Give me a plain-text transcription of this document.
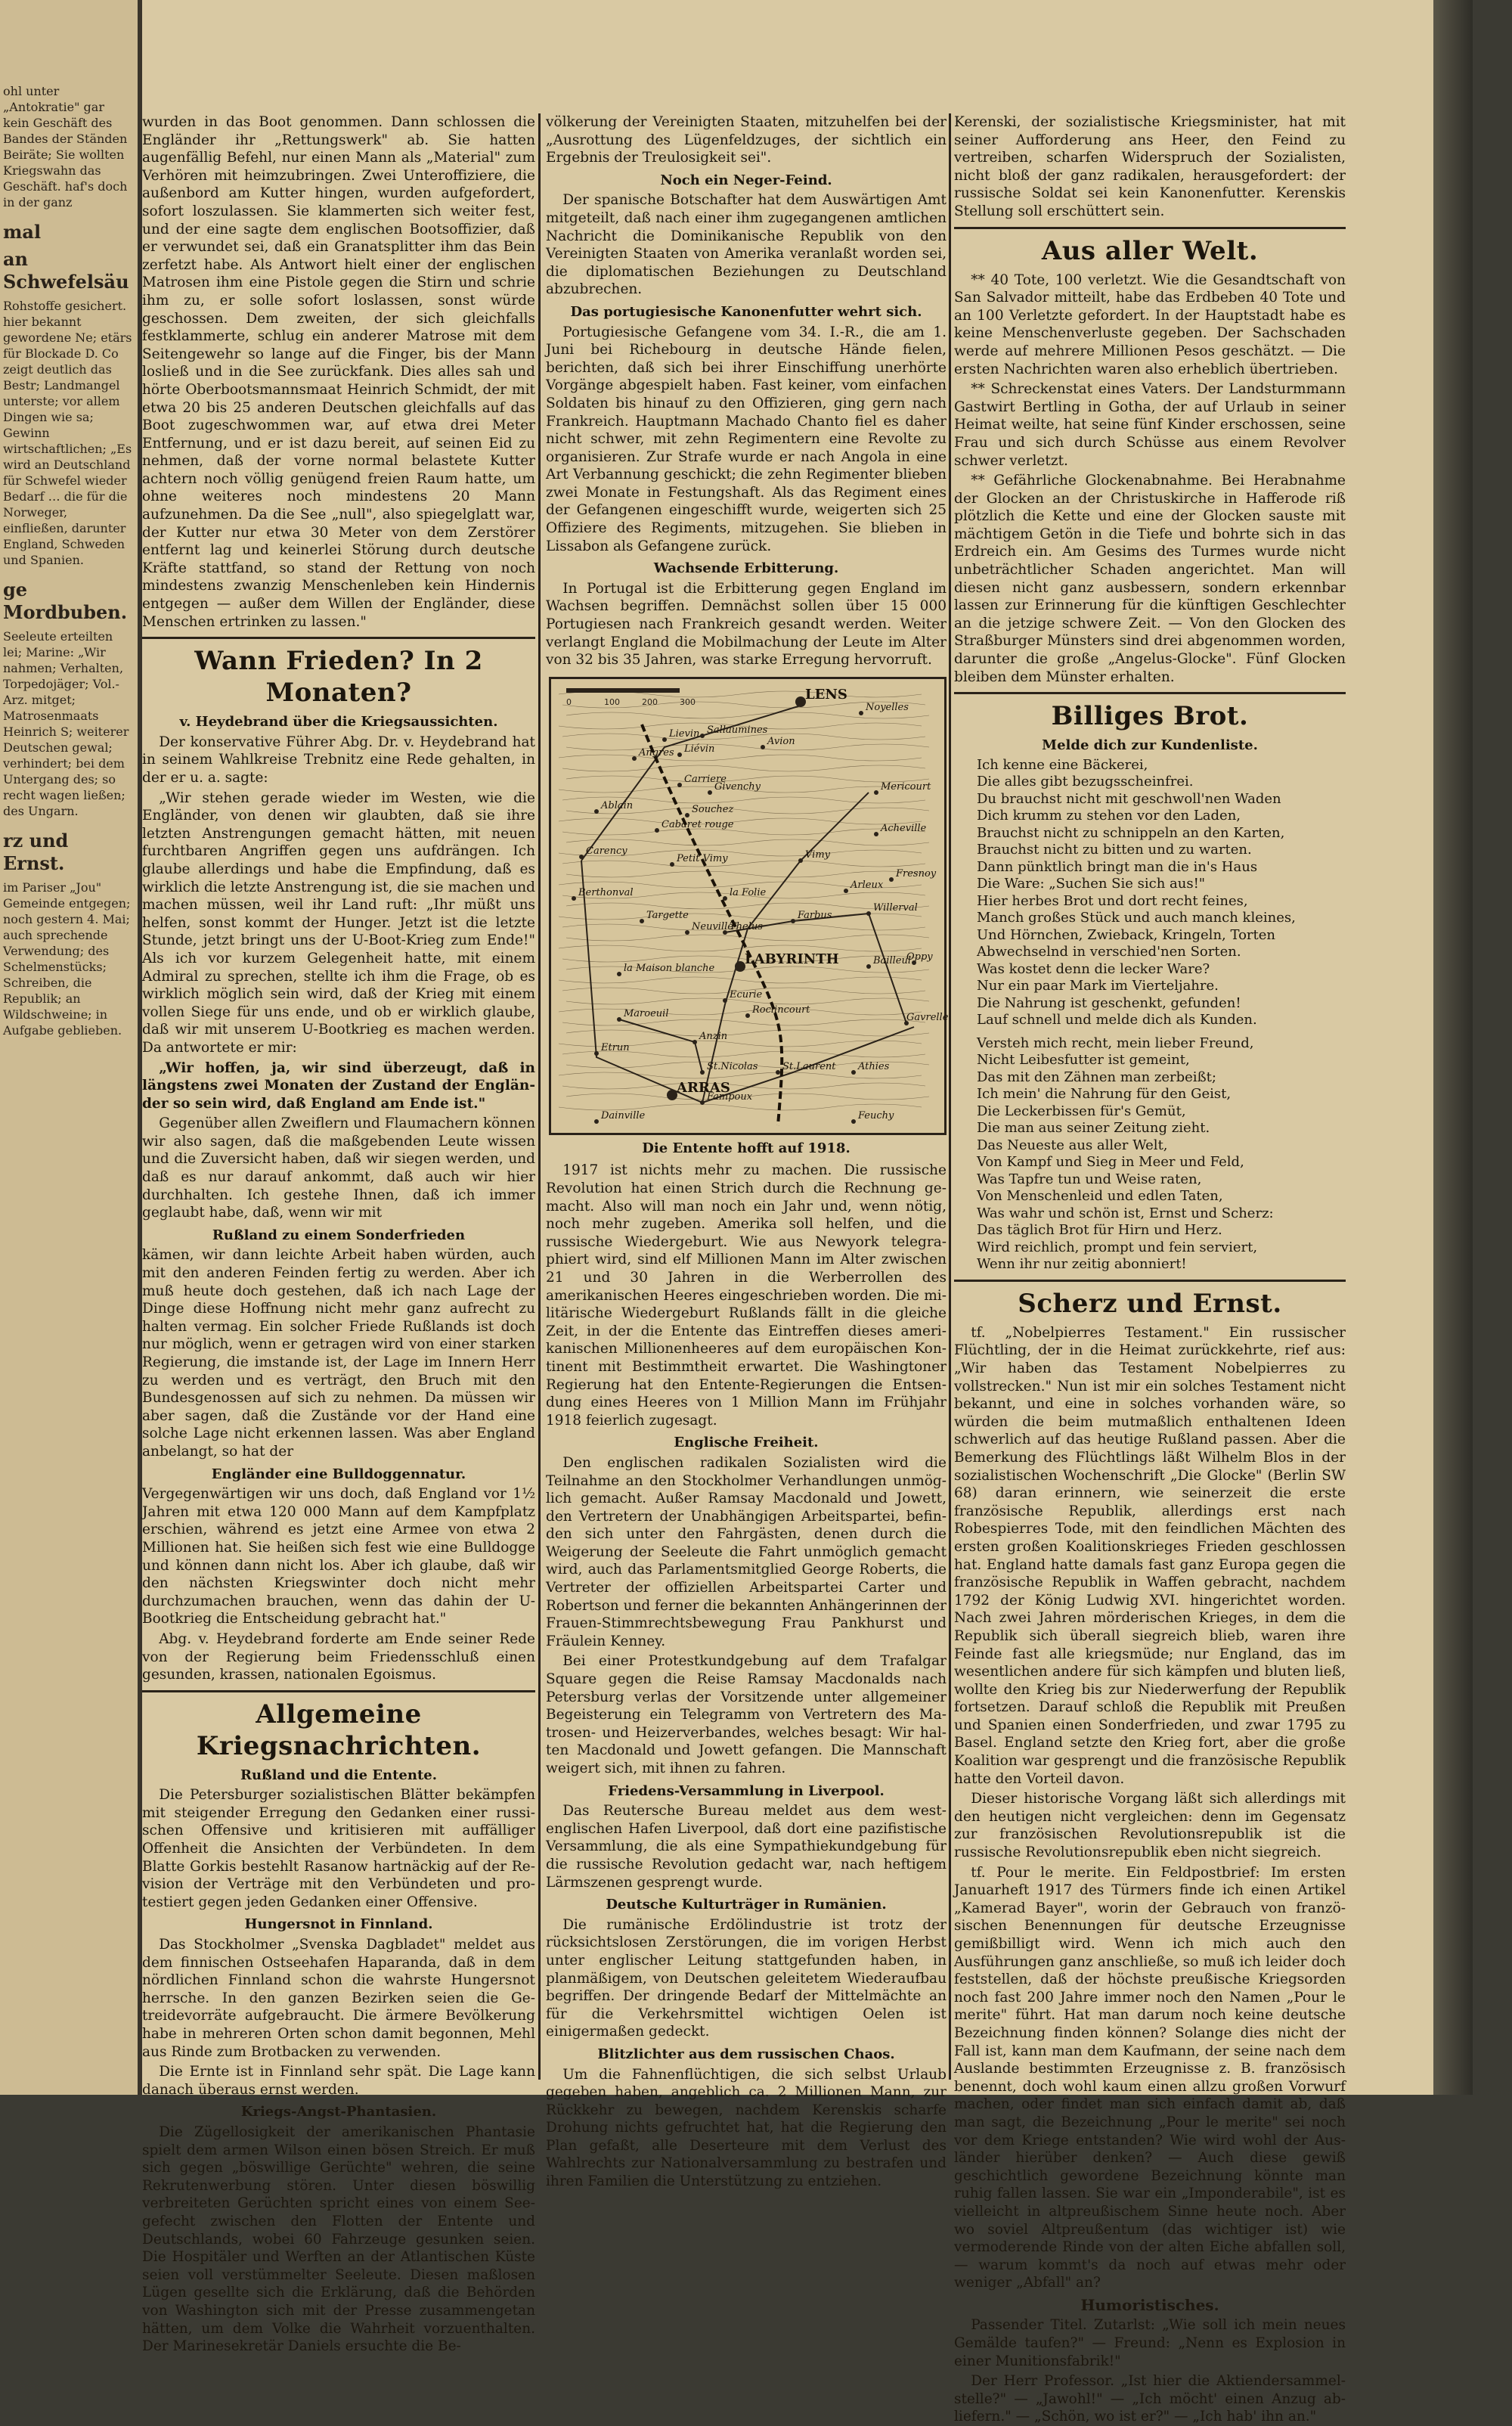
ohl unter „Antokratie" gar kein Geschäft des Bandes der Ständen Beiräte; Sie wollten Kriegswahn das Geschäft. haf's doch in der ganz

mal
an Schwefelsäu

Rohstoffe gesichert. hier bekannt gewordene Ne; etärs für Blockade D. Co zeigt deutlich das Bestr; Landmangel unterste; vor allem Dingen wie sa; Gewinn wirtschaftlichen; „Es wird an Deutschland für Schwefel wieder Bedarf … die für die Norweger, einfließen, darunter England, Schweden und Spanien.

ge Mordbuben.

Seeleute erteilten lei; Marine: „Wir nahmen; Verhalten, Torpedojäger; Vol.-Arz. mitget; Matrosenmaats Heinrich S; weiterer Deutschen gewal; verhindert; bei dem Untergang des; so recht wagen ließen; des Ungarn.

rz und Ernst.

im Pariser „Jou" Gemeinde entgegen; noch gestern 4. Mai; auch sprechende Verwendung; des Schelmenstücks; Schreiben, die Republik; an Wildschweine; in Aufgabe geblieben.

wurden in das Boot genommen. Dann schlossen die Engländer ihr „Rettungswerk" ab. Sie hatten augenfällig Befehl, nur einen Mann als „Material" zum Verhören mit heimzubringen. Zwei Unteroffiziere, die außenbord am Kutter hingen, wurden aufgefordert, sofort loszulassen. Sie klammerten sich weiter fest, und der eine sagte dem englischen Bootsoffizier, daß er verwundet sei, daß ein Granatsplitter ihm das Bein zerfetzt habe. Als Antwort hielt einer der englischen Matrosen ihm eine Pistole gegen die Stirn und schrie ihm zu, er solle sofort loslassen, sonst würde geschossen. Dem zweiten, der sich gleichfalls festklammerte, schlug ein anderer Matrose mit dem Seitengewehr so lange auf die Finger, bis der Mann losließ und in die See zurückfank. Dies alles sah und hörte Oberbootsmannsmaat Heinrich Schmidt, der mit etwa 20 bis 25 anderen Deutschen gleichfalls auf das Boot zugeschwommen war, auf etwa drei Meter Entfernung, und er ist dazu bereit, auf seinen Eid zu nehmen, daß der vorne normal belastete Kutter achtern noch völlig genügend freien Raum hatte, um ohne weiteres noch mindestens 20 Mann aufzunehmen. Da die See „null", also spiegelglatt war, der Kutter nur etwa 30 Meter von dem Zerstörer entfernt lag und keinerlei Störung durch deutsche Kräfte stattfand, so stand der Rettung von noch mindestens zwanzig Menschenleben kein Hindernis entgegen — außer dem Willen der Engländer, diese Menschen ertrinken zu lassen."

Wann Frieden? In 2 Monaten?
v. Heydebrand über die Kriegsaussichten.

Der konservative Führer Abg. Dr. v. Heydebrand hat in seinem Wahlkreise Trebnitz eine Rede gehalten, in der er u. a. sagte:

„Wir stehen gerade wieder im Westen, wie die Engländer, von denen wir glaubten, daß sie ihre letzten Anstrengungen gemacht hätten, mit neuen furchtbaren Angriffen gegen uns aufdrängen. Ich glaube allerdings und habe die Empfindung, daß es wirklich die letzte Anstrengung ist, die sie machen und machen müssen, weil ihr Land ruft: „Ihr müßt uns helfen, sonst kommt der Hunger. Jetzt ist die letzte Stunde, jetzt bringt uns der U-Boot-Krieg zum Ende!" Als ich vor kurzem Gelegenheit hatte, mit einem Admiral zu sprechen, stellte ich ihm die Frage, ob es wirklich möglich sein wird, daß der Krieg mit einem vollen Siege für uns ende, und ob er wirklich glaube, daß wir mit unserem U-Bootkrieg es machen werden. Da antwortete er mir:

„Wir hoffen, ja, wir sind überzeugt, daß in längstens zwei Monaten der Zustand der Engländer so sein wird, daß England am Ende ist."

Gegenüber allen Zweiflern und Flaumachern können wir also sagen, daß die maßgebenden Leute wissen und die Zuversicht haben, daß wir siegen werden, und daß es nur darauf ankommt, daß auch wir hier durchhalten. Ich gestehe Ihnen, daß ich immer geglaubt habe, daß, wenn wir mit

Rußland zu einem Sonderfrieden

kämen, wir dann leichte Arbeit haben würden, auch mit den anderen Feinden fertig zu werden. Aber ich muß heute doch gestehen, daß ich nach Lage der Dinge diese Hoffnung nicht mehr ganz aufrecht zu halten vermag. Ein solcher Friede Rußlands ist doch nur möglich, wenn er getragen wird von einer starken Regierung, die imstande ist, der Lage im Innern Herr zu werden und es verträgt, den Bruch mit den Bundesgenossen auf sich zu nehmen. Da müssen wir aber sagen, daß die Zustände vor der Hand eine solche Lage nicht erkennen lassen. Was aber England anbelangt, so hat der

Engländer eine Bulldoggennatur.

Vergegenwärtigen wir uns doch, daß England vor 1½ Jahren mit etwa 120 000 Mann auf dem Kampfplatz erschien, während es jetzt eine Armee von etwa 2 Millionen hat. Sie heißen sich fest wie eine Bulldogge und können dann nicht los. Aber ich glaube, daß wir den nächsten Kriegswinter doch nicht mehr durchzumachen brauchen, wenn das dahin der U-Bootkrieg die Entscheidung gebracht hat."

Abg. v. Heydebrand forderte am Ende seiner Rede von der Regierung beim Friedensschluß einen gesunden, krassen, nationalen Egoismus.

Allgemeine Kriegsnachrichten.
Rußland und die Entente.

Die Petersburger sozialistischen Blätter bekämpfen mit steigender Erregung den Gedanken einer russischen Offensive und kritisieren mit auffälliger Offenheit die Ansichten der Verbündeten. In dem Blatte Gorkis bestehlt Rasanow hartnäckig auf der Revision der Verträge mit den Verbündeten und protestiert gegen jeden Gedanken einer Offensive.

Hungersnot in Finnland.

Das Stockholmer „Svenska Dagbladet" meldet aus dem finnischen Ostseehafen Haparanda, daß in dem nördlichen Finnland schon die wahrste Hungersnot herrsche. In den ganzen Bezirken seien die Getreidevorräte aufgebraucht. Die ärmere Bevölkerung habe in mehreren Orten schon damit begonnen, Mehl aus Rinde zum Brotbacken zu verwenden.

Die Ernte ist in Finnland sehr spät. Die Lage kann danach überaus ernst werden.

Kriegs-Angst-Phantasien.

Die Zügellosigkeit der amerikanischen Phantasie spielt dem armen Wilson einen bösen Streich. Er muß sich gegen „böswillige Gerüchte" wehren, die seine Rekrutenwerbung stören. Unter diesen böswillig verbreiteten Gerüchten spricht eines von einem Seegefecht zwischen den Flotten der Entente und Deutschlands, wobei 60 Fahrzeuge gesunken seien. Die Hospitäler und Werften an der Atlantischen Küste seien voll verstümmelter Seeleute. Diesen maßlosen Lügen gesellte sich die Erklärung, daß die Behörden von Washington sich mit der Presse zusammengetan hätten, um dem Volke die Wahrheit vorzuenthalten. Der Marinesekretär Daniels ersuchte die Be-

völkerung der Vereinigten Staaten, mitzuhelfen bei der „Ausrottung des Lügenfeldzuges, der sichtlich ein Ergebnis der Treulosigkeit sei".

Noch ein Neger-Feind.

Der spanische Botschafter hat dem Auswärtigen Amt mitgeteilt, daß nach einer ihm zugegangenen amtlichen Nachricht die Dominikanische Republik von den Vereinigten Staaten von Amerika veranlaßt worden sei, die diplomatischen Beziehungen zu Deutschland abzubrechen.

Das portugiesische Kanonenfutter wehrt sich.

Portugiesische Gefangene vom 34. I.-R., die am 1. Juni bei Richebourg in deutsche Hände fielen, berichten, daß sich bei ihrer Einschiffung unerhörte Vorgänge abgespielt haben. Fast keiner, vom einfachen Soldaten bis hinauf zu den Offizieren, ging gern nach Frankreich. Hauptmann Machado Chanto fiel es daher nicht schwer, mit zehn Regimentern eine Revolte zu organisieren. Zur Strafe wurde er nach Angola in eine Art Verbannung geschickt; die zehn Regimenter blieben zwei Monate in Festungshaft. Als das Regiment eines der Gefangenen eingeschifft wurde, weigerten sich 25 Offiziere des Regiments, mitzugehen. Sie blieben in Lissabon als Gefangene zurück.

Wachsende Erbitterung.

In Portugal ist die Erbitterung gegen England im Wachsen begriffen. Demnächst sollen über 15 000 Portugiesen nach Frankreich gesandt werden. Weiter verlangt England die Mobilmachung der Leute im Alter von 32 bis 35 Jahren, was starke Erregung hervorruft.

0	100	200	300	LENS
Lievin
Angres Liévin
Carriere
Givenchy
Souchez
Ablain
Carency	Vimy
Mericourt
Acheville
Fresnoy
Arleux
Willerval
Farbus
Thelus
Neuville
Oppy
LABYRINTH	Bailleul
Ecurie
Roclincourt
Gavrelle
Maroeuil
Anzin
Etrun
St.Nicolas	St.Laurent Athies
Fampoux
ARRAS
Dainville	Feuchy
Berthonval
Cabaret rouge
Petit Vimy
la Folie
la Maison blanche
Targette
Sallaumines
Noyelles
Avion
Die Entente hofft auf 1918.

1917 ist nichts mehr zu machen. Die russische Revolution hat einen Strich durch die Rechnung gemacht. Also will man noch ein Jahr und, wenn nötig, noch mehr zugeben. Amerika soll helfen, und die russische Wiedergeburt. Wie aus Newyork telegraphiert wird, sind elf Millionen Mann im Alter zwischen 21 und 30 Jahren in die Werberrollen des amerikanischen Heeres eingeschrieben worden. Die militärische Wiedergeburt Rußlands fällt in die gleiche Zeit, in der die Entente das Eintreffen dieses amerikanischen Millionenheeres auf dem europäischen Kontinent mit Bestimmtheit erwartet. Die Washingtoner Regierung hat den Entente-Regierungen die Entsendung eines Heeres von 1 Million Mann im Frühjahr 1918 feierlich zugesagt.

Englische Freiheit.

Den englischen radikalen Sozialisten wird die Teilnahme an den Stockholmer Verhandlungen unmöglich gemacht. Außer Ramsay Macdonald und Jowett, den Vertretern der Unabhängigen Arbeitspartei, befinden sich unter den Fahrgästen, denen durch die Weigerung der Seeleute die Fahrt unmöglich gemacht wird, auch das Parlamentsmitglied George Roberts, die Vertreter der offiziellen Arbeitspartei Carter und Robertson und ferner die bekannten Anhängerinnen der Frauen-Stimmrechtsbewegung Frau Pankhurst und Fräulein Kenney.

Bei einer Protestkundgebung auf dem Trafalgar Square gegen die Reise Ramsay Macdonalds nach Petersburg verlas der Vorsitzende unter allgemeiner Begeisterung ein Telegramm von Vertretern des Matrosen- und Heizerverbandes, welches besagt: Wir halten Macdonald und Jowett gefangen. Die Mannschaft weigert sich, mit ihnen zu fahren.

Friedens-Versammlung in Liverpool.

Das Reutersche Bureau meldet aus dem westenglischen Hafen Liverpool, daß dort eine pazifistische Versammlung, die als eine Sympathiekundgebung für die russische Revolution gedacht war, nach heftigem Lärmszenen gesprengt wurde.

Deutsche Kulturträger in Rumänien.

Die rumänische Erdölindustrie ist trotz der rücksichtslosen Zerstörungen, die im vorigen Herbst unter englischer Leitung stattgefunden haben, in planmäßigem, von Deutschen geleitetem Wiederaufbau begriffen. Der dringende Bedarf der Mittelmächte an für die Verkehrsmittel wichtigen Oelen ist einigermaßen gedeckt.

Blitzlichter aus dem russischen Chaos.

Um die Fahnenflüchtigen, die sich selbst Urlaub gegeben haben, angeblich ca. 2 Millionen Mann, zur Rückkehr zu bewegen, nachdem Kerenskis scharfe Drohung nichts gefruchtet hat, hat die Regierung den Plan gefaßt, alle Deserteure mit dem Verlust des Wahlrechts zur Nationalversammlung zu bestrafen und ihren Familien die Unterstützung zu entziehen.

Kerenski, der sozialistische Kriegsminister, hat mit seiner Aufforderung ans Heer, den Feind zu vertreiben, scharfen Widerspruch der Sozialisten, nicht bloß der ganz radikalen, herausgefordert: der russische Soldat sei kein Kanonenfutter. Kerenskis Stellung soll erschüttert sein.

Aus aller Welt.

** 40 Tote, 100 verletzt. Wie die Gesandtschaft von San Salvador mitteilt, habe das Erdbeben 40 Tote und an 100 Verletzte gefordert. In der Hauptstadt habe es keine Menschenverluste gegeben. Der Sachschaden werde auf mehrere Millionen Pesos geschätzt. — Die ersten Nachrichten waren also erheblich übertrieben.

** Schreckenstat eines Vaters. Der Landsturmmann Gastwirt Bertling in Gotha, der auf Urlaub in seiner Heimat weilte, hat seine fünf Kinder erschossen, seine Frau und sich durch Schüsse aus einem Revolver schwer verletzt.

** Gefährliche Glockenabnahme. Bei Herabnahme der Glocken an der Christuskirche in Hafferode riß plötzlich die Kette und eine der Glocken sauste mit mächtigem Getön in die Tiefe und bohrte sich in das Erdreich ein. Am Gesims des Turmes wurde nicht unbeträchtlicher Schaden angerichtet. Man will diesen nicht ganz ausbessern, sondern erkennbar lassen zur Erinnerung für die künftigen Geschlechter an die jetzige schwere Zeit. — Von den Glocken des Straßburger Münsters sind drei abgenommen worden, darunter die große „Angelus-Glocke". Fünf Glocken bleiben dem Münster erhalten.

Billiges Brot.
Melde dich zur Kundenliste.
Ich kenne eine Bäckerei,
Die alles gibt bezugsscheinfrei.
Du brauchst nicht mit geschwoll'nen Waden
Dich krumm zu stehen vor den Laden,
Brauchst nicht zu schnippeln an den Karten,
Brauchst nicht zu bitten und zu warten.
Dann pünktlich bringt man die in's Haus
Die Ware: „Suchen Sie sich aus!"
Hier herbes Brot und dort recht feines,
Manch großes Stück und auch manch kleines,
Und Hörnchen, Zwieback, Kringeln, Torten
Abwechselnd in verschied'nen Sorten.
Was kostet denn die lecker Ware?
Nur ein paar Mark im Vierteljahre.
Die Nahrung ist geschenkt, gefunden!
Lauf schnell und melde dich als Kunden.
Versteh mich recht, mein lieber Freund,
Nicht Leibesfutter ist gemeint,
Das mit den Zähnen man zerbeißt;
Ich mein' die Nahrung für den Geist,
Die Leckerbissen für's Gemüt,
Die man aus seiner Zeitung zieht.
Das Neueste aus aller Welt,
Von Kampf und Sieg in Meer und Feld,
Was Tapfre tun und Weise raten,
Von Menschenleid und edlen Taten,
Was wahr und schön ist, Ernst und Scherz:
Das täglich Brot für Hirn und Herz.
Wird reichlich, prompt und fein serviert,
Wenn ihr nur zeitig abonniert!
Scherz und Ernst.

tf. „Nobelpierres Testament." Ein russischer Flüchtling, der in die Heimat zurückkehrte, rief aus: „Wir haben das Testament Nobelpierres zu vollstrecken." Nun ist mir ein solches Testament nicht bekannt, und eine in solches vorhanden wäre, so würden die beim mutmaßlich enthaltenen Ideen schwerlich auf das heutige Rußland passen. Aber die Bemerkung des Flüchtlings läßt Wilhelm Blos in der sozialistischen Wochenschrift „Die Glocke" (Berlin SW 68) daran erinnern, wie seinerzeit die erste französische Republik, allerdings erst nach Robespierres Tode, mit den feindlichen Mächten des ersten großen Koalitionskrieges Frieden geschlossen hat. England hatte damals fast ganz Europa gegen die französische Republik in Waffen gebracht, nachdem 1792 der König Ludwig XVI. hingerichtet worden. Nach zwei Jahren mörderischen Krieges, in dem die Republik sich überall siegreich blieb, waren ihre Feinde fast alle kriegsmüde; nur England, das im wesentlichen andere für sich kämpfen und bluten ließ, wollte den Krieg bis zur Niederwerfung der Republik fortsetzen. Darauf schloß die Republik mit Preußen und Spanien einen Sonderfrieden, und zwar 1795 zu Basel. England setzte den Krieg fort, aber die große Koalition war gesprengt und die französische Republik hatte den Vorteil davon.

Dieser historische Vorgang läßt sich allerdings mit den heutigen nicht vergleichen: denn im Gegensatz zur französischen Revolutionsrepublik ist die russische Revolutionsrepublik eben nicht siegreich.

tf. Pour le merite. Ein Feldpostbrief: Im ersten Januarheft 1917 des Türmers finde ich einen Artikel „Kamerad Bayer", worin der Gebrauch von französischen Benennungen für deutsche Erzeugnisse gemißbilligt wird. Wenn ich mich auch den Ausführungen ganz anschließe, so muß ich leider doch feststellen, daß der höchste preußische Kriegsorden noch fast 200 Jahre immer noch den Namen „Pour le merite" führt. Hat man darum noch keine deutsche Bezeichnung finden können? Solange dies nicht der Fall ist, kann man dem Kaufmann, der seine nach dem Auslande bestimmten Erzeugnisse z. B. französisch benennt, doch wohl kaum einen allzu großen Vorwurf machen, oder findet man sich einfach damit ab, daß man sagt, die Bezeichnung „Pour le merite" sei noch vor dem Kriege entstanden? Wie wird wohl der Ausländer hierüber denken? — Auch diese gewiß geschichtlich gewordene Bezeichnung könnte man ruhig fallen lassen. Sie war ein „Imponderabile", ist es vielleicht in altpreußischem Sinne heute noch. Aber wo soviel Altpreußentum (das wichtiger ist) wie vermoderende Rinde von der alten Eiche abfallen soll, — warum kommt's da noch auf etwas mehr oder weniger „Abfall" an?

Humoristisches.

Passender Titel. Zutarlst: „Wie soll ich mein neues Gemälde taufen?" — Freund: „Nenn es Explosion in einer Munitionsfabrik!"

Der Herr Professor. „Ist hier die Aktiendersammelstelle?" — „Jawohl!" — „Ich möcht' einen Anzug abliefern." — „Schön, wo ist er?" — „Ich hab' ihn an."
